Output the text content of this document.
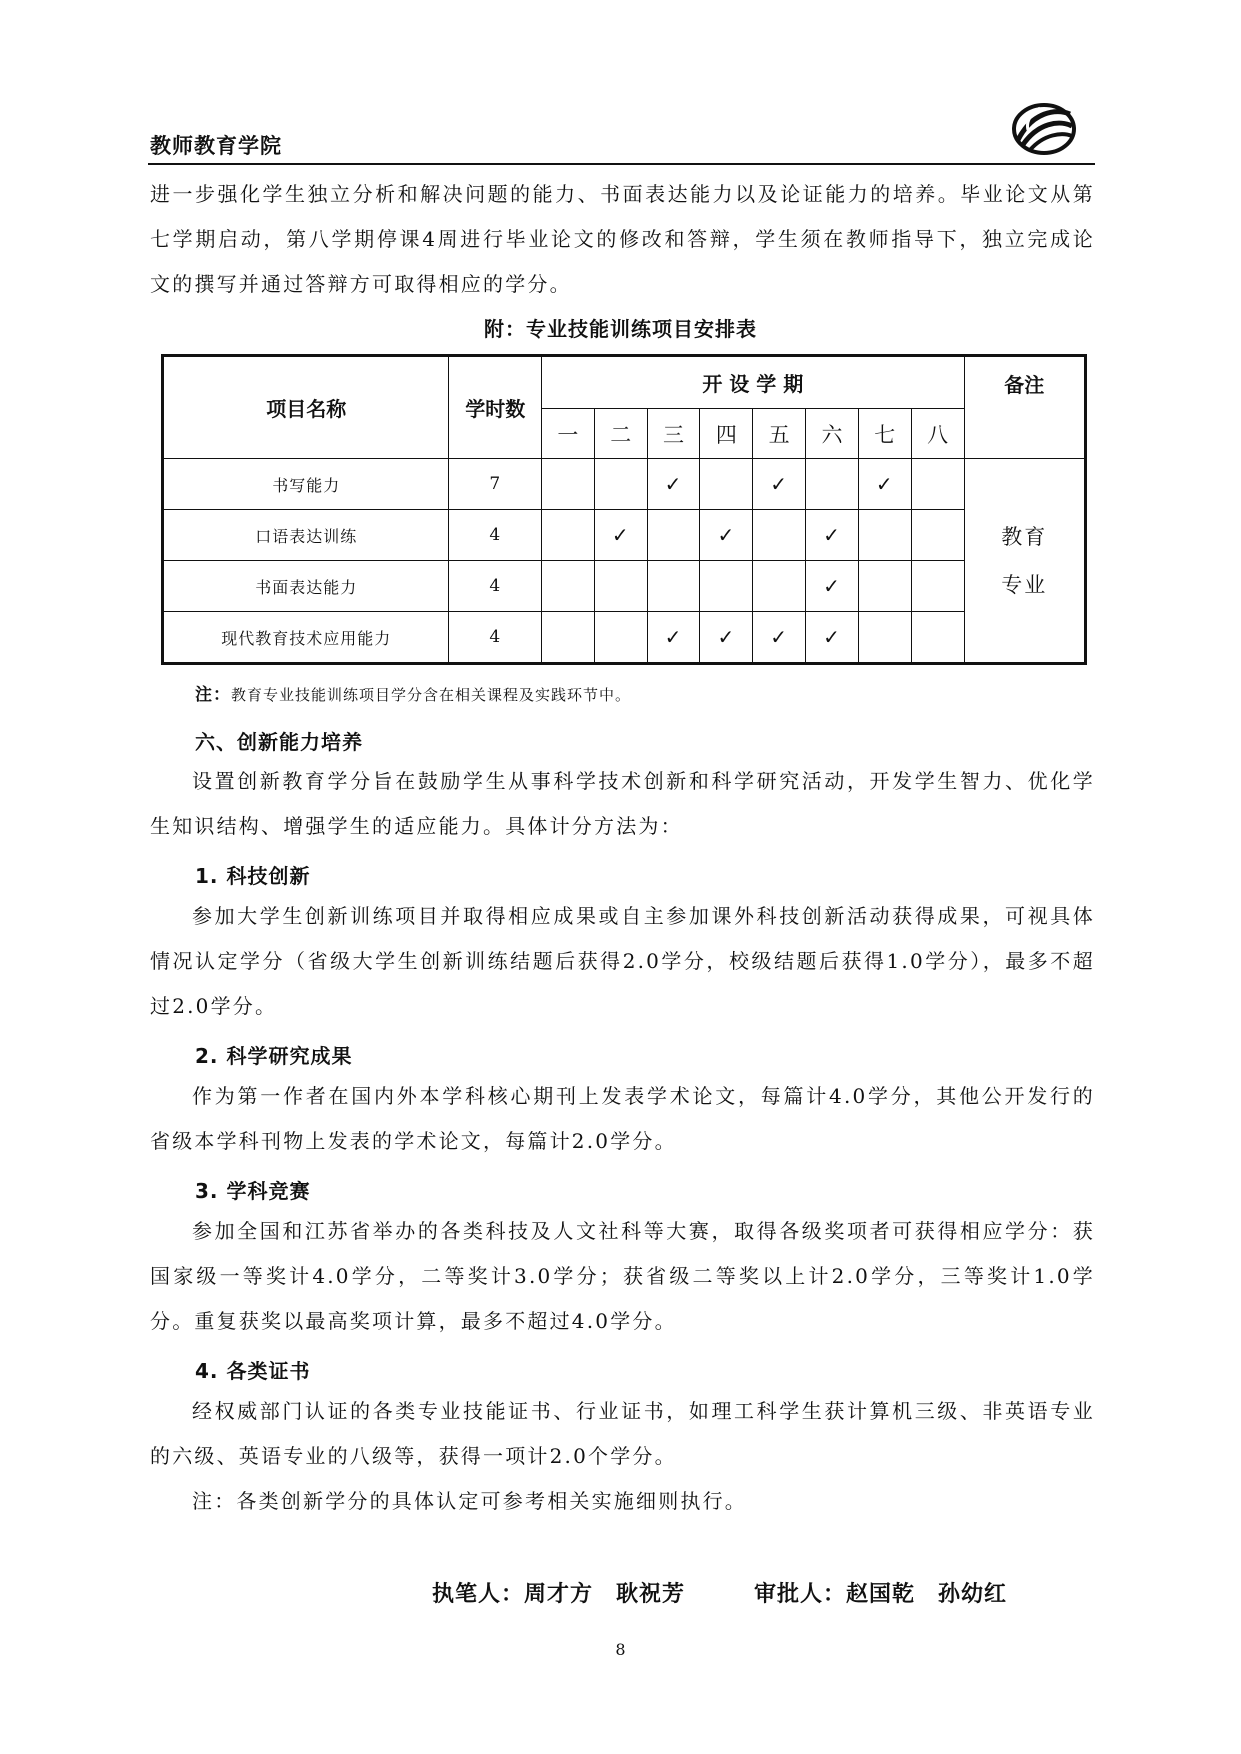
教师教育学院

进一步强化学生独立分析和解决问题的能力、书面表达能力以及论证能力的培养。毕业论文从第七学期启动，第八学期停课4周进行毕业论文的修改和答辩，学生须在教师指导下，独立完成论文的撰写并通过答辩方可取得相应的学分。

附：专业技能训练项目安排表
项目名称	学时数	开 设 学 期								备注
		一	二	三	四	五	六	七	八	
书写能力	7			✓		✓		✓		教育
专业
口语表达训练	4		✓		✓		✓			
书面表达能力	4						✓			
现代教育技术应用能力	4			✓	✓	✓	✓			
注：教育专业技能训练项目学分含在相关课程及实践环节中。
六、创新能力培养

设置创新教育学分旨在鼓励学生从事科学技术创新和科学研究活动，开发学生智力、优化学生知识结构、增强学生的适应能力。具体计分方法为：

1. 科技创新

参加大学生创新训练项目并取得相应成果或自主参加课外科技创新活动获得成果，可视具体情况认定学分（省级大学生创新训练结题后获得2.0学分，校级结题后获得1.0学分），最多不超过2.0学分。

2. 科学研究成果

作为第一作者在国内外本学科核心期刊上发表学术论文，每篇计4.0学分，其他公开发行的省级本学科刊物上发表的学术论文，每篇计2.0学分。

3. 学科竞赛

参加全国和江苏省举办的各类科技及人文社科等大赛，取得各级奖项者可获得相应学分：获国家级一等奖计4.0学分，二等奖计3.0学分；获省级二等奖以上计2.0学分，三等奖计1.0学分。重复获奖以最高奖项计算，最多不超过4.0学分。

4. 各类证书

经权威部门认证的各类专业技能证书、行业证书，如理工科学生获计算机三级、非英语专业的六级、英语专业的八级等，获得一项计2.0个学分。

注：各类创新学分的具体认定可参考相关实施细则执行。

执笔人：周才方　耿祝芳　　　审批人：赵国乾　孙幼红
8
